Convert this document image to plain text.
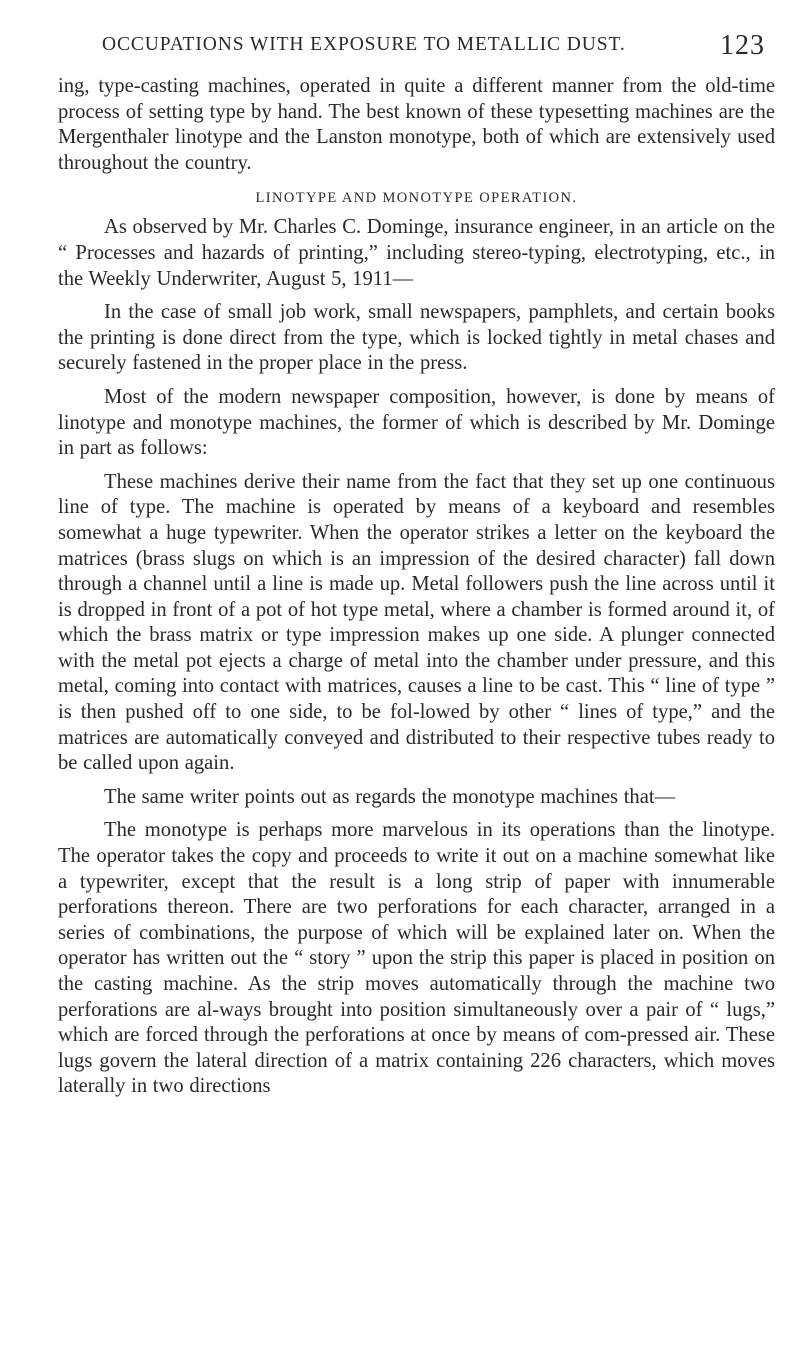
OCCUPATIONS WITH EXPOSURE TO METALLIC DUST.	123

ing, type-casting machines, operated in quite a different manner from the old-time process of setting type by hand. The best known of these typesetting machines are the Mergenthaler linotype and the Lanston monotype, both of which are extensively used throughout the country.

LINOTYPE AND MONOTYPE OPERATION.

As observed by Mr. Charles C. Dominge, insurance engineer, in an article on the “ Processes and hazards of printing,” including stereo-typing, electrotyping, etc., in the Weekly Underwriter, August 5, 1911—

In the case of small job work, small newspapers, pamphlets, and certain books the printing is done direct from the type, which is locked tightly in metal chases and securely fastened in the proper place in the press.

Most of the modern newspaper composition, however, is done by means of linotype and monotype machines, the former of which is described by Mr. Dominge in part as follows:

These machines derive their name from the fact that they set up one continuous line of type. The machine is operated by means of a keyboard and resembles somewhat a huge typewriter. When the operator strikes a letter on the keyboard the matrices (brass slugs on which is an impression of the desired character) fall down through a channel until a line is made up. Metal followers push the line across until it is dropped in front of a pot of hot type metal, where a chamber is formed around it, of which the brass matrix or type impression makes up one side. A plunger connected with the metal pot ejects a charge of metal into the chamber under pressure, and this metal, coming into contact with matrices, causes a line to be cast. This “ line of type ” is then pushed off to one side, to be fol-lowed by other “ lines of type,” and the matrices are automatically conveyed and distributed to their respective tubes ready to be called upon again.

The same writer points out as regards the monotype machines that—

The monotype is perhaps more marvelous in its operations than the linotype. The operator takes the copy and proceeds to write it out on a machine somewhat like a typewriter, except that the result is a long strip of paper with innumerable perforations thereon. There are two perforations for each character, arranged in a series of combinations, the purpose of which will be explained later on. When the operator has written out the “ story ” upon the strip this paper is placed in position on the casting machine. As the strip moves automatically through the machine two perforations are al-ways brought into position simultaneously over a pair of “ lugs,” which are forced through the perforations at once by means of com-pressed air. These lugs govern the lateral direction of a matrix containing 226 characters, which moves laterally in two directions
